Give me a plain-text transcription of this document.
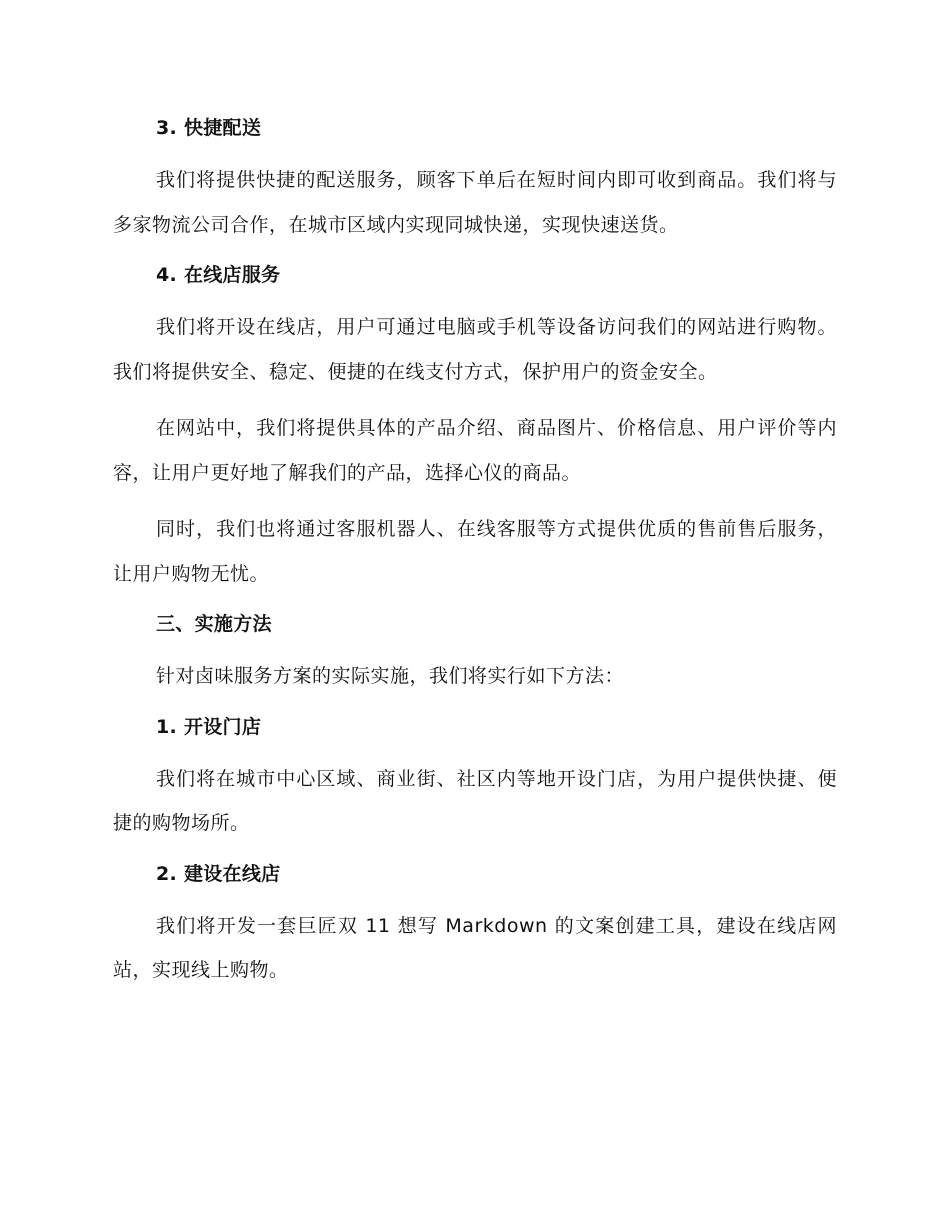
3. 快捷配送

我们将提供快捷的配送服务，顾客下单后在短时间内即可收到商品。我们将与多家物流公司合作，在城市区域内实现同城快递，实现快速送货。

4. 在线店服务

我们将开设在线店，用户可通过电脑或手机等设备访问我们的网站进行购物。我们将提供安全、稳定、便捷的在线支付方式，保护用户的资金安全。

在网站中，我们将提供具体的产品介绍、商品图片、价格信息、用户评价等内容，让用户更好地了解我们的产品，选择心仪的商品。

同时，我们也将通过客服机器人、在线客服等方式提供优质的售前售后服务，让用户购物无忧。

三、实施方法

针对卤味服务方案的实际实施，我们将实行如下方法：

1. 开设门店

我们将在城市中心区域、商业街、社区内等地开设门店，为用户提供快捷、便捷的购物场所。

2. 建设在线店

我们将开发一套巨匠双 11 想写 Markdown 的文案创建工具，建设在线店网站，实现线上购物。
